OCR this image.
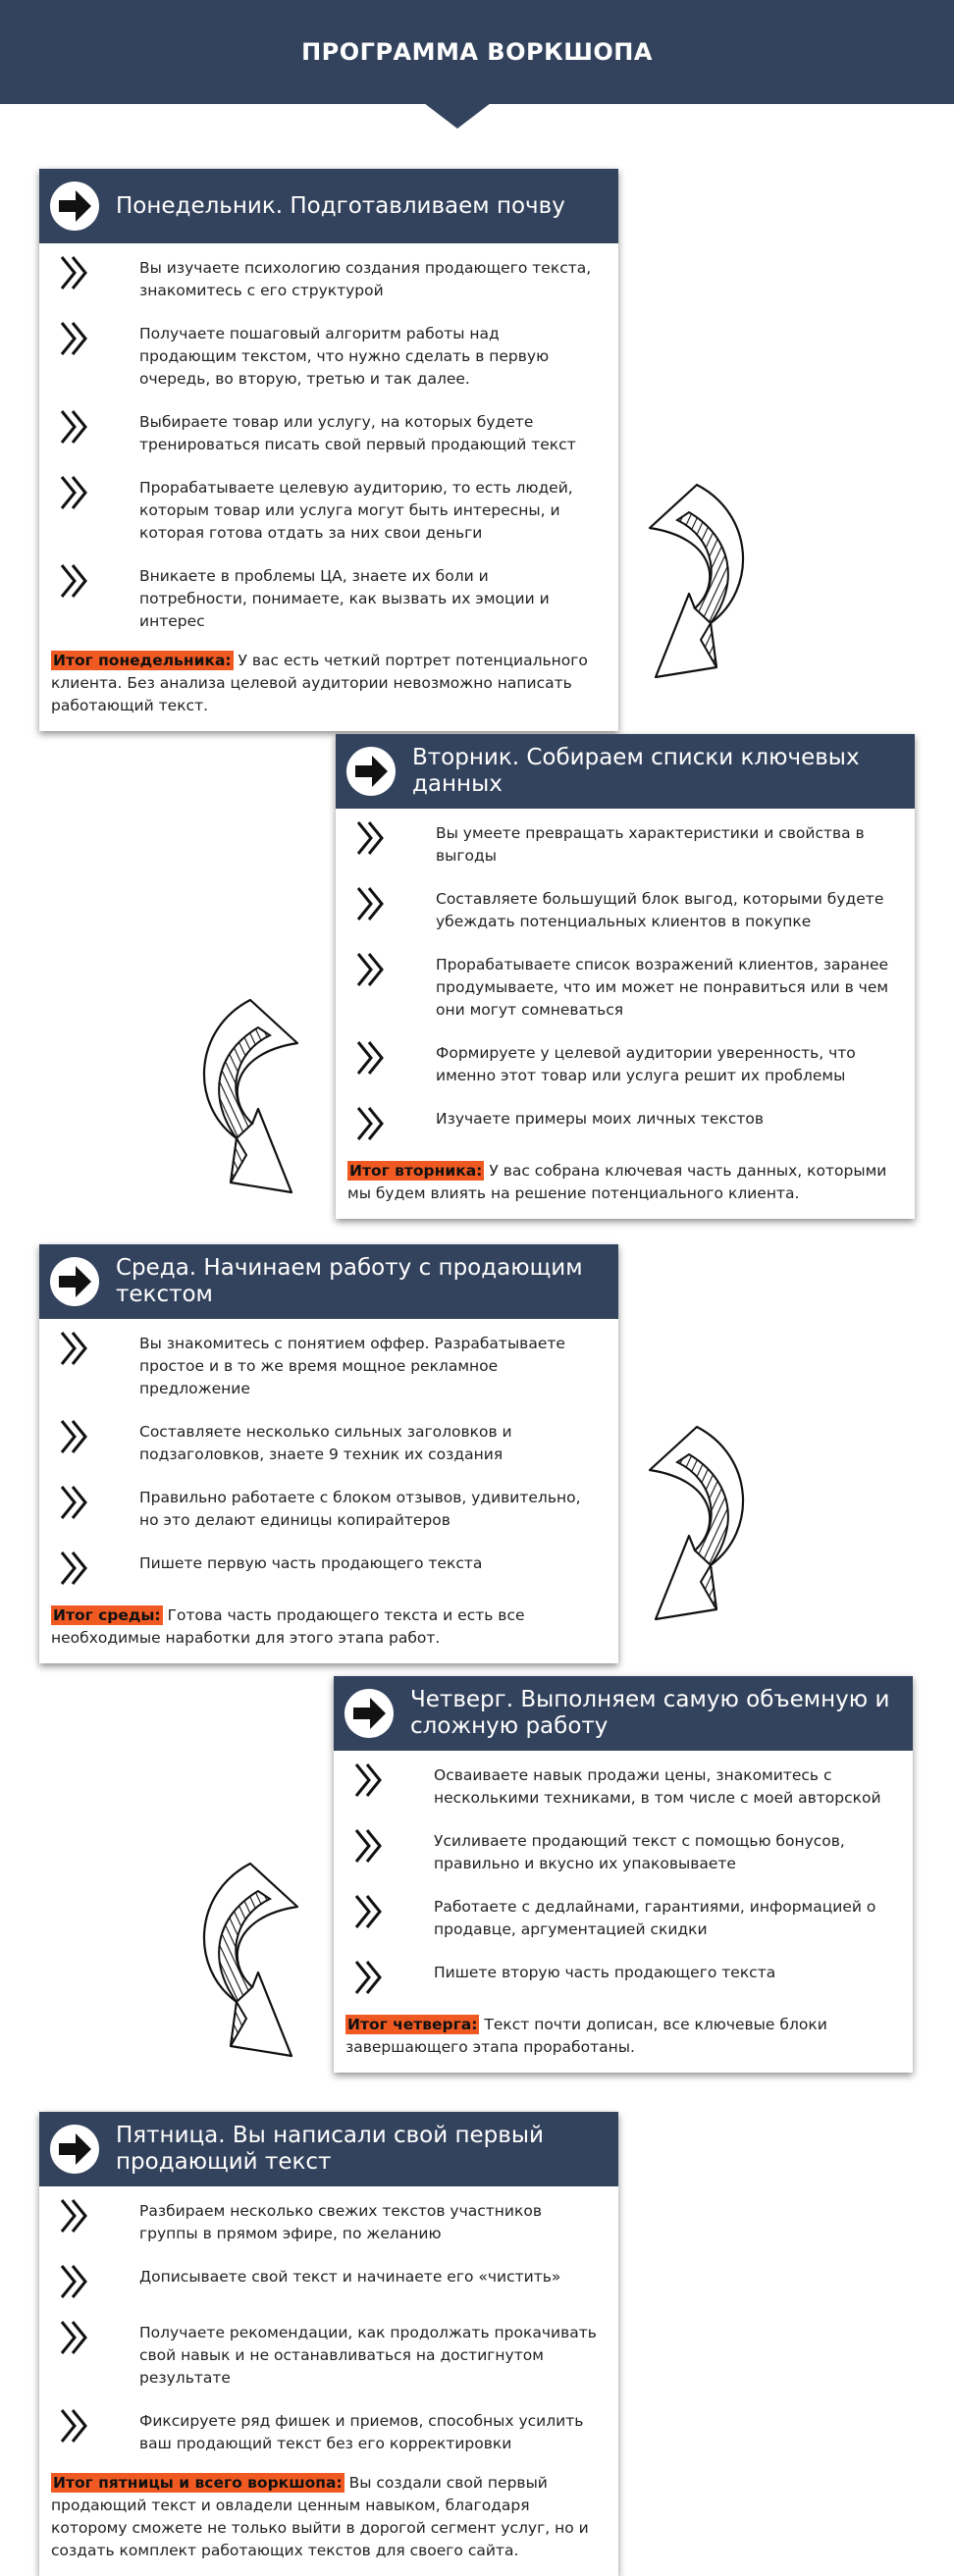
ПРОГРАММА ВОРКШОПА
Понедельник. Подготавливаем почву
Вы изучаете психологию создания продающего текста, знакомитесь с его структурой
Получаете пошаговый алгоритм работы над продающим текстом, что нужно сделать в первую очередь, во вторую, третью и так далее.
Выбираете товар или услугу, на которых будете тренироваться писать свой первый продающий текст
Прорабатываете целевую аудиторию, то есть людей, которым товар или услуга могут быть интересны, и которая готова отдать за них свои деньги
Вникаете в проблемы ЦА, знаете их боли и потребности, понимаете, как вызвать их эмоции и интерес
Итог понедельника: У вас есть четкий портрет потенциального клиента. Без анализа целевой аудитории невозможно написать работающий текст.
Вторник. Собираем списки ключевых данных
Вы умеете превращать характеристики и свойства в выгоды
Составляете большущий блок выгод, которыми будете убеждать потенциальных клиентов в покупке
Прорабатываете список возражений клиентов, заранее продумываете, что им может не понравиться или в чем они могут сомневаться
Формируете у целевой аудитории уверенность, что именно этот товар или услуга решит их проблемы
Изучаете примеры моих личных текстов
Итог вторника: У вас собрана ключевая часть данных, которыми мы будем влиять на решение потенциального клиента.
Среда. Начинаем работу с продающим текстом
Вы знакомитесь с понятием оффер. Разрабатываете простое и в то же время мощное рекламное предложение
Составляете несколько сильных заголовков и подзаголовков, знаете 9 техник их создания
Правильно работаете с блоком отзывов, удивительно, но это делают единицы копирайтеров
Пишете первую часть продающего текста
Итог среды: Готова часть продающего текста и есть все необходимые наработки для этого этапа работ.
Четверг. Выполняем самую объемную и сложную работу
Осваиваете навык продажи цены, знакомитесь с несколькими техниками, в том числе с моей авторской
Усиливаете продающий текст с помощью бонусов, правильно и вкусно их упаковываете
Работаете с дедлайнами, гарантиями, информацией о продавце, аргументацией скидки
Пишете вторую часть продающего текста
Итог четверга: Текст почти дописан, все ключевые блоки завершающего этапа проработаны.
Пятница. Вы написали свой первый продающий текст
Разбираем несколько свежих текстов участников группы в прямом эфире, по желанию
Дописываете свой текст и начинаете его «чистить»
Получаете рекомендации, как продолжать прокачивать свой навык и не останавливаться на достигнутом результате
Фиксируете ряд фишек и приемов, способных усилить ваш продающий текст без его корректировки
Итог пятницы и всего воркшопа: Вы создали свой первый продающий текст и овладели ценным навыком, благодаря которому сможете не только выйти в дорогой сегмент услуг, но и создать комплект работающих текстов для своего сайта.
